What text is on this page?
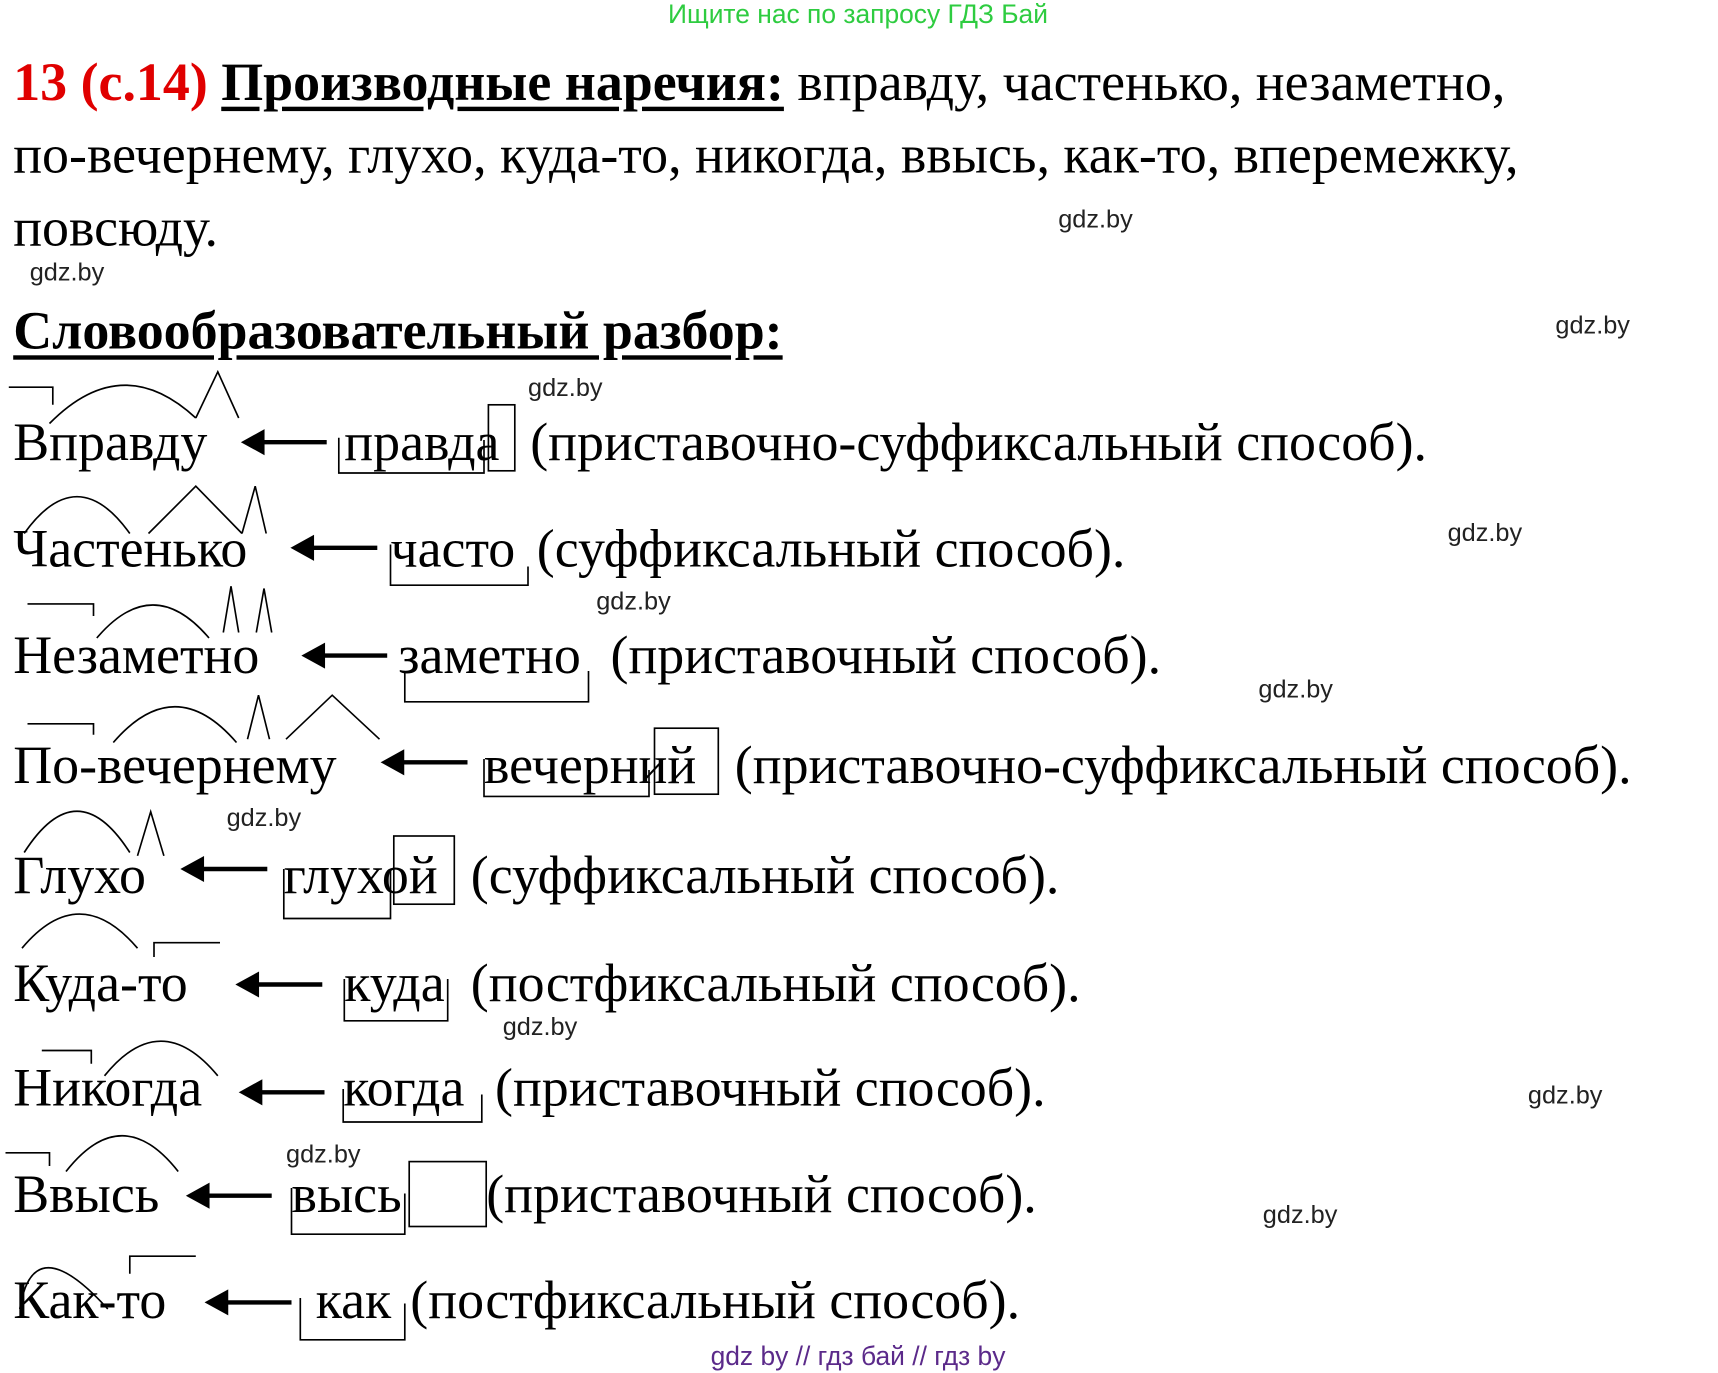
Ищите нас по запросу ГДЗ Бай
13 (с.14) Производные наречия: вправду, частенько, незаметно,
по-вечернему, глухо, куда-то, никогда, ввысь, как-то, вперемежку,
повсюду.
Словообразовательный разбор:
Вправду	правда (приставочно-суффиксальный способ).
Частенько	часто (суффиксальный способ).
Незаметно	заметно (приставочный способ).
По-вечернему	вечерний (приставочно-суффиксальный способ).
Глухо	глухой (суффиксальный способ).
Куда-то	куда (постфиксальный способ).
Никогда	когда (приставочный способ).
Ввысь	высь (приставочный способ).
Как-то	как (постфиксальный способ).
gdz.by
gdz.by
gdz.by
gdz.by
gdz.by
gdz.by
gdz.by
gdz.by
gdz.by
gdz.by
gdz.by
gdz.by
gdz by // гдз бай // гдз by
